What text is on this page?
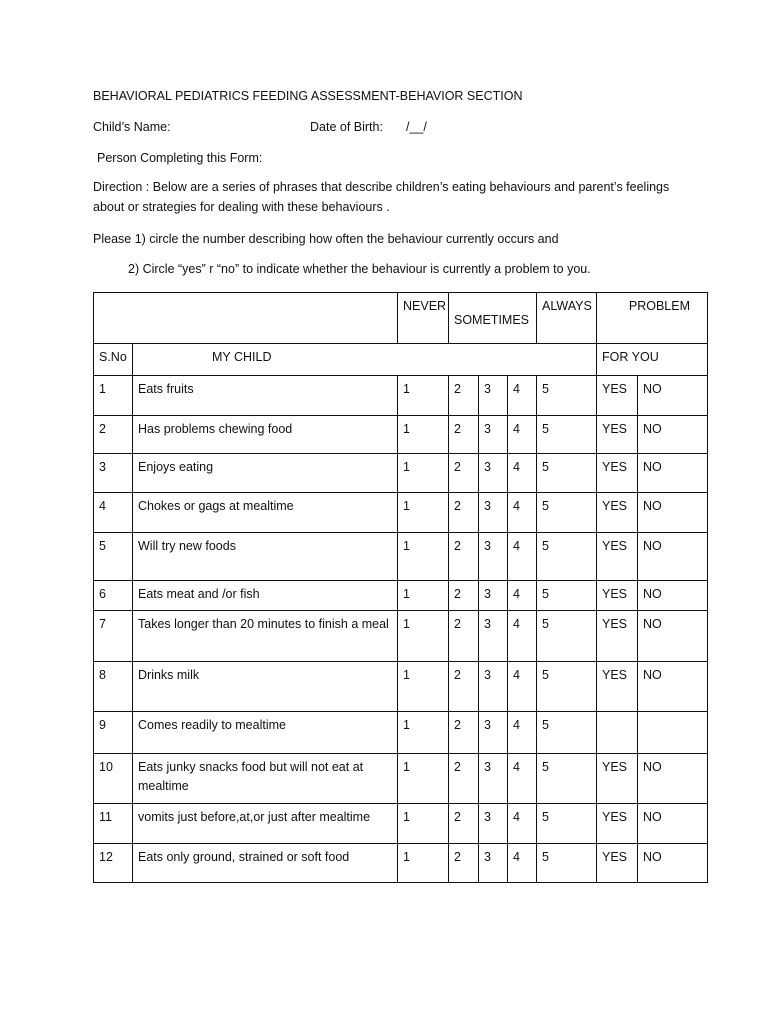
BEHAVIORAL PEDIATRICS FEEDING ASSESSMENT-BEHAVIOR SECTION
Child’s Name:	Date of Birth: /__/
Person Completing this Form:
Direction : Below are a series of phrases that describe children’s eating behaviours and parent’s feelings about or strategies for dealing with these behaviours .
Please 1) circle the number describing how often the behaviour currently occurs and
2) Circle “yes” r “no” to indicate whether the behaviour is currently a problem to you.
		NEVER	SOMETIMES			ALWAYS	PROBLEM	

S.No	MY CHILD						FOR YOU	
1	Eats fruits	1	2	3	4	5	YES	NO
2	Has problems chewing food	1	2	3	4	5	YES	NO
3	Enjoys eating	1	2	3	4	5	YES	NO
4	Chokes or gags at mealtime	1	2	3	4	5	YES	NO
5	Will try new foods	1	2	3	4	5	YES	NO
6	Eats meat and /or fish	1	2	3	4	5	YES	NO
7	Takes longer than 20 minutes to finish a meal	1	2	3	4	5	YES	NO
8	Drinks milk	1	2	3	4	5	YES	NO
9	Comes readily to mealtime	1	2	3	4	5		
10	Eats junky snacks food but will not eat at mealtime	1	2	3	4	5	YES	NO
11	vomits just before,at,or just after mealtime	1	2	3	4	5	YES	NO
12	Eats only ground, strained or soft food	1	2	3	4	5	YES	NO
